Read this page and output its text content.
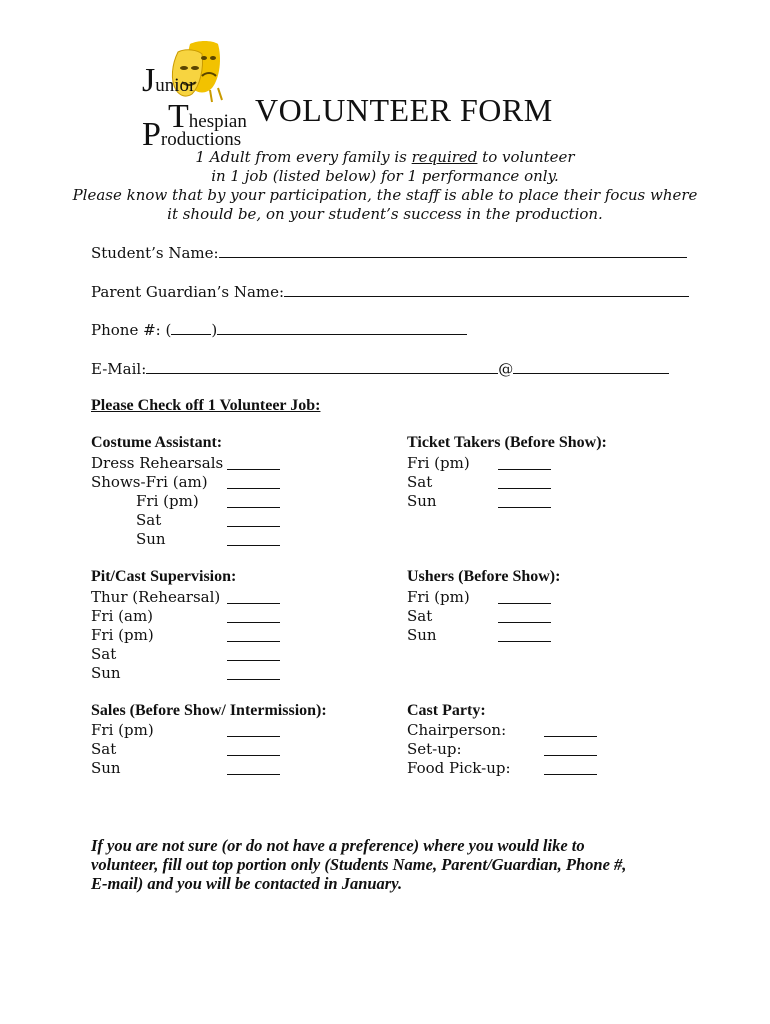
Junior
Thespian
Productions
VOLUNTEER FORM
1 Adult from every family is required to volunteer
in 1 job (listed below) for 1 performance only.
Please know that by your participation, the staff is able to place their focus where
it should be, on your student’s success in the production.
Student’s Name:
Parent Guardian’s Name:
Phone #: (	)
E-Mail:	@
Please Check off 1 Volunteer Job:
Costume Assistant:
Dress Rehearsals
Shows-Fri (am)
Fri (pm)
Sat
Sun
Ticket Takers (Before Show):
Fri (pm)
Sat
Sun
Pit/Cast Supervision:
Thur (Rehearsal)
Fri (am)
Fri (pm)
Sat
Sun
Ushers (Before Show):
Fri (pm)
Sat
Sun
Sales (Before Show/ Intermission):
Fri (pm)
Sat
Sun
Cast Party:
Chairperson:
Set-up:
Food Pick-up:
If you are not sure (or do not have a preference) where you would like to
volunteer, fill out top portion only (Students Name, Parent/Guardian, Phone #,
E-mail) and you will be contacted in January.
